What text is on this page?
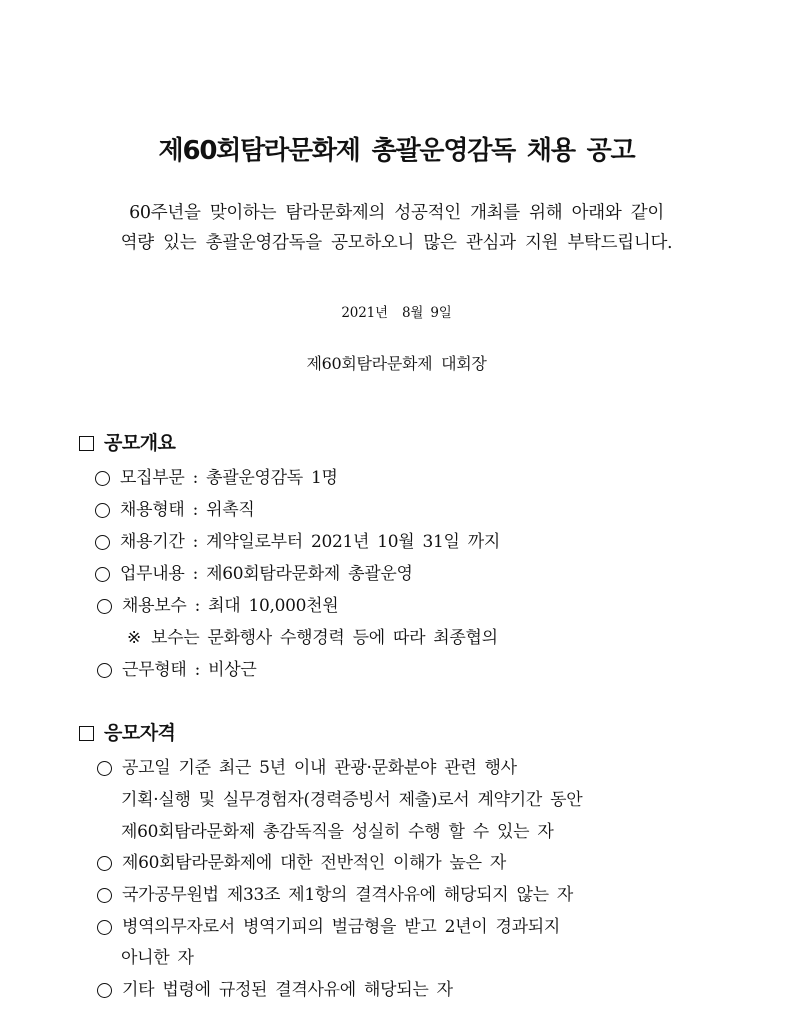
제60회탐라문화제 총괄운영감독 채용 공고
60주년을 맞이하는 탐라문화제의 성공적인 개최를 위해 아래와 같이
역량 있는 총괄운영감독을 공모하오니 많은 관심과 지원 부탁드립니다.
2021년  8월 9일
제60회탐라문화제 대회장
공모개요
모집부문 : 총괄운영감독 1명
채용형태 : 위촉직
채용기간 : 계약일로부터 2021년 10월 31일 까지
업무내용 : 제60회탐라문화제 총괄운영
채용보수 : 최대 10,000천원
※ 보수는 문화행사 수행경력 등에 따라 최종협의
근무형태 : 비상근
응모자격
공고일 기준 최근 5년 이내 관광·문화분야 관련 행사
기획·실행 및 실무경험자(경력증빙서 제출)로서 계약기간 동안
제60회탐라문화제 총감독직을 성실히 수행 할 수 있는 자
제60회탐라문화제에 대한 전반적인 이해가 높은 자
국가공무원법 제33조 제1항의 결격사유에 해당되지 않는 자
병역의무자로서 병역기피의 벌금형을 받고 2년이 경과되지
아니한 자
기타 법령에 규정된 결격사유에 해당되는 자
